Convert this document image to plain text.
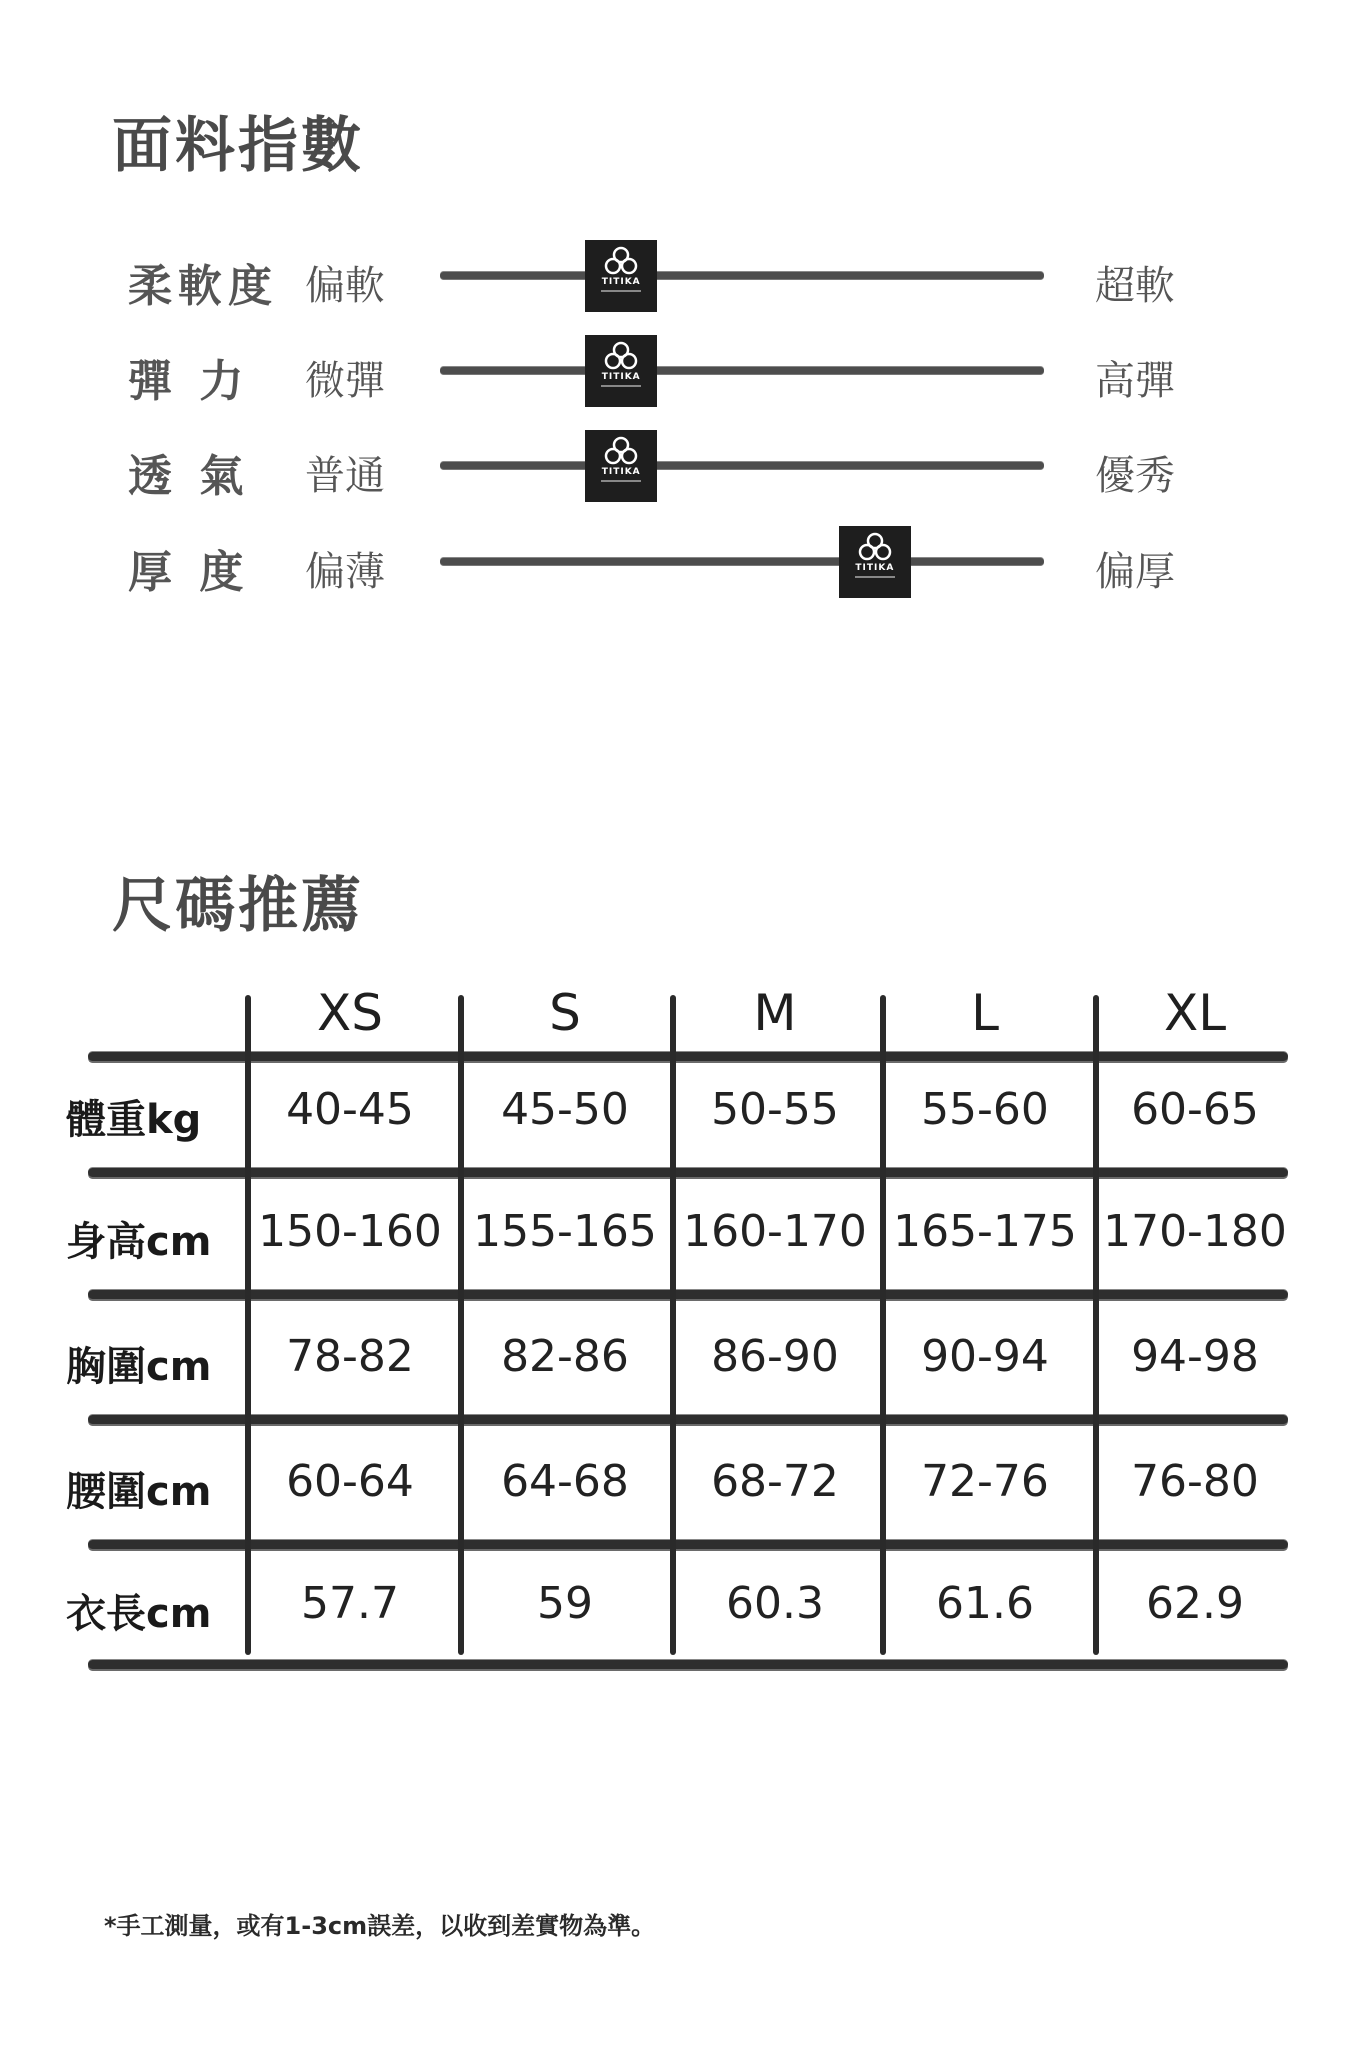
面料指數
柔軟度 偏軟	TITIKA	超軟
彈 力 微彈	TITIKA	高彈
透 氣 普通	TITIKA	優秀
厚 度 偏薄	TITIKA	偏厚
尺碼推薦
XS	S	M	L	XL
體重kg	40-45	45-50	50-55	55-60	60-65
身高cm 150-160 155-165 160-170 165-175 170-180
胸圍cm	78-82	82-86	86-90	90-94	94-98
腰圍cm	60-64	64-68	68-72	72-76	76-80
衣長cm	57.7	59	60.3	61.6	62.9
*手工測量，或有1-3cm誤差，以收到差實物為準。
